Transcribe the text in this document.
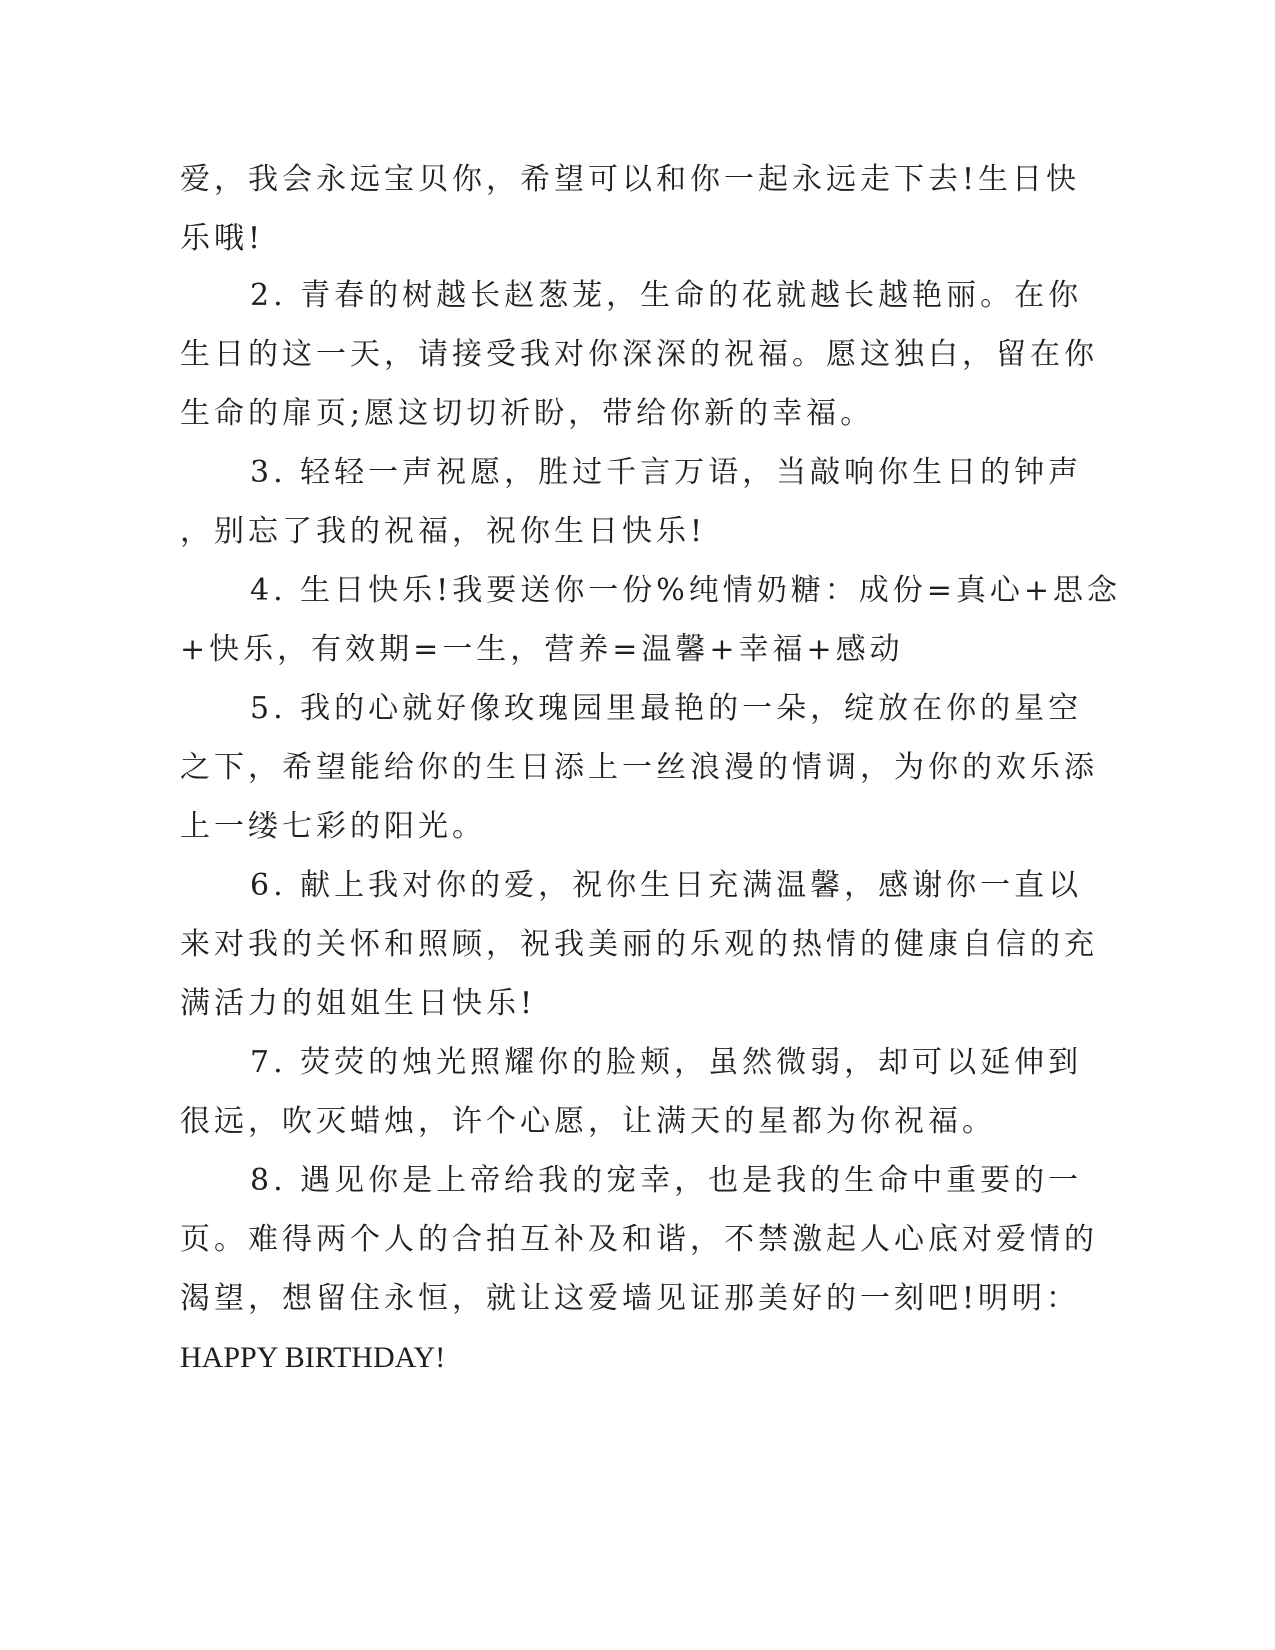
爱，我会永远宝贝你，希望可以和你一起永远走下去!生日快
乐哦!
2. 青春的树越长赵葱茏，生命的花就越长越艳丽。在你
生日的这一天，请接受我对你深深的祝福。愿这独白，留在你
生命的扉页;愿这切切祈盼，带给你新的幸福。
3. 轻轻一声祝愿，胜过千言万语，当敲响你生日的钟声
，别忘了我的祝福，祝你生日快乐!
4. 生日快乐!我要送你一份%纯情奶糖：成份=真心+思念
+快乐，有效期=一生，营养=温馨+幸福+感动
5. 我的心就好像玫瑰园里最艳的一朵，绽放在你的星空
之下，希望能给你的生日添上一丝浪漫的情调，为你的欢乐添
上一缕七彩的阳光。
6. 献上我对你的爱，祝你生日充满温馨，感谢你一直以
来对我的关怀和照顾，祝我美丽的乐观的热情的健康自信的充
满活力的姐姐生日快乐!
7. 荧荧的烛光照耀你的脸颊，虽然微弱，却可以延伸到
很远，吹灭蜡烛，许个心愿，让满天的星都为你祝福。
8. 遇见你是上帝给我的宠幸，也是我的生命中重要的一
页。难得两个人的合拍互补及和谐，不禁激起人心底对爱情的
渴望，想留住永恒，就让这爱墙见证那美好的一刻吧!明明：
HAPPY BIRTHDAY!
